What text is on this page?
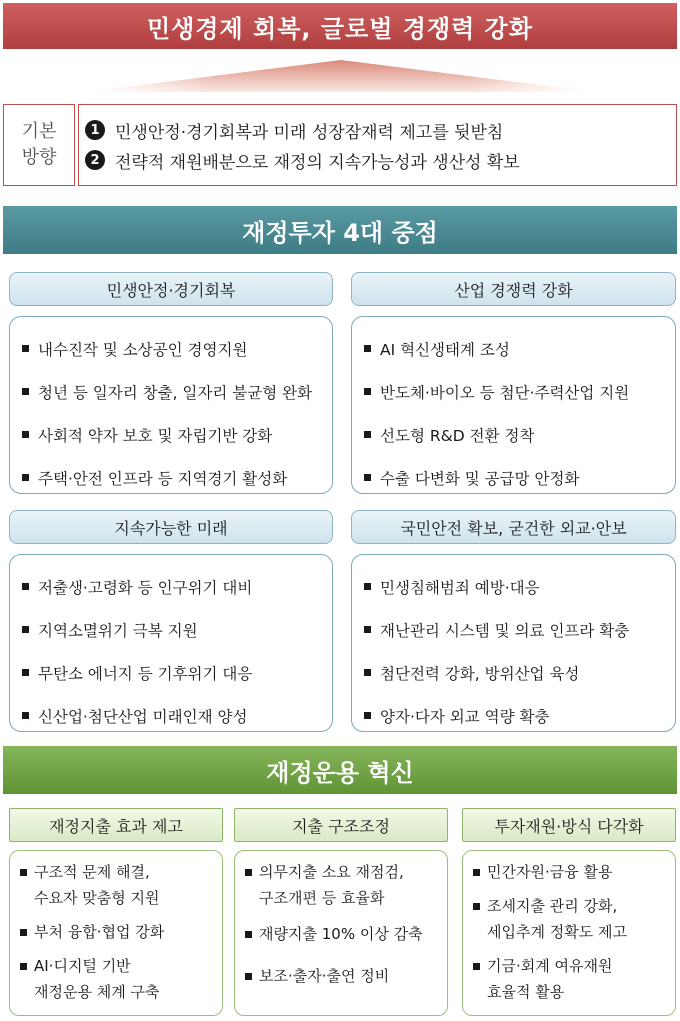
민생경제 회복, 글로벌 경쟁력 강화
기본
방향
1 민생안정·경기회복과 미래 성장잠재력 제고를 뒷받침
2 전략적 재원배분으로 재정의 지속가능성과 생산성 확보
재정투자 4대 중점
민생안정·경기회복
내수진작 및 소상공인 경영지원
청년 등 일자리 창출, 일자리 불균형 완화
사회적 약자 보호 및 자립기반 강화
주택·안전 인프라 등 지역경기 활성화
산업 경쟁력 강화
AI 혁신생태계 조성
반도체·바이오 등 첨단·주력산업 지원
선도형 R&D 전환 정착
수출 다변화 및 공급망 안정화
지속가능한 미래
저출생·고령화 등 인구위기 대비
지역소멸위기 극복 지원
무탄소 에너지 등 기후위기 대응
신산업·첨단산업 미래인재 양성
국민안전 확보, 굳건한 외교·안보
민생침해범죄 예방·대응
재난관리 시스템 및 의료 인프라 확충
첨단전력 강화, 방위산업 육성
양자·다자 외교 역량 확충
재정운용 혁신
재정지출 효과 제고
구조적 문제 해결,
수요자 맞춤형 지원
부처 융합·협업 강화
AI·디지털 기반
재정운용 체계 구축
지출 구조조정
의무지출 소요 재점검,
구조개편 등 효율화
재량지출 10% 이상 감축
보조·출자·출연 정비
투자재원·방식 다각화
민간자원·금융 활용
조세지출 관리 강화,
세입추계 정확도 제고
기금·회계 여유재원
효율적 활용
